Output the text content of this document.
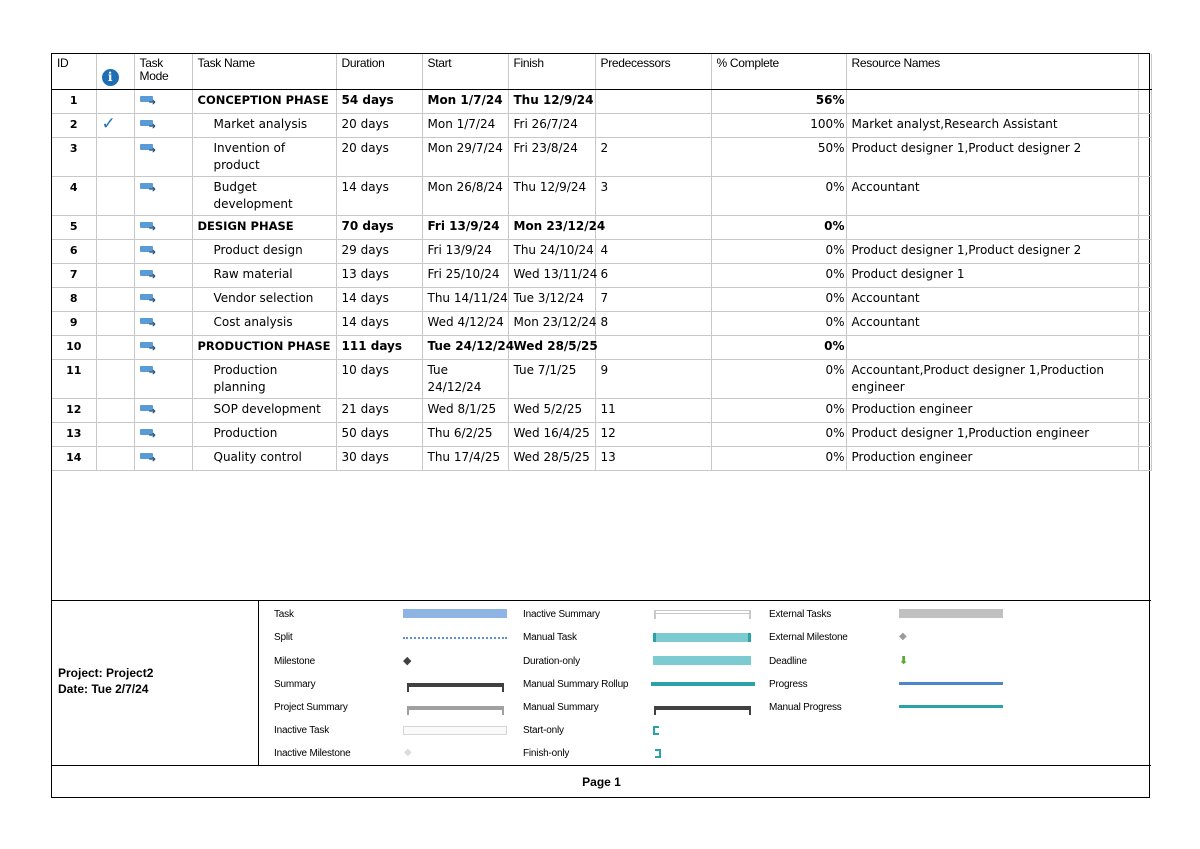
ID	i	Task Mode	Task Name	Duration	Start	Finish	Predecessors	% Complete	Resource Names	
1		➜	CONCEPTION PHASE	54 days	Mon 1/7/24	Thu 12/9/24		56%		
2	✓	➜	Market analysis	20 days	Mon 1/7/24	Fri 26/7/24		100%	Market analyst,Research Assistant	
3		➜	Invention of product	20 days	Mon 29/7/24	Fri 23/8/24	2	50%	Product designer 1,Product designer 2	
4		➜	Budget development	14 days	Mon 26/8/24	Thu 12/9/24	3	0%	Accountant	
5		➜	DESIGN PHASE	70 days	Fri 13/9/24	Mon 23/12/24		0%		
6		➜	Product design	29 days	Fri 13/9/24	Thu 24/10/24	4	0%	Product designer 1,Product designer 2	
7		➜	Raw material	13 days	Fri 25/10/24	Wed 13/11/24	6	0%	Product designer 1	
8		➜	Vendor selection	14 days	Thu 14/11/24	Tue 3/12/24	7	0%	Accountant	
9		➜	Cost analysis	14 days	Wed 4/12/24	Mon 23/12/24	8	0%	Accountant	
10		➜	PRODUCTION PHASE	111 days	Tue 24/12/24	Wed 28/5/25		0%		
11		➜	Production planning	10 days	Tue 24/12/24	Tue 7/1/25	9	0%	Accountant,Product designer 1,Production engineer	
12		➜	SOP development	21 days	Wed 8/1/25	Wed 5/2/25	11	0%	Production engineer	
13		➜	Production	50 days	Thu 6/2/25	Wed 16/4/25	12	0%	Product designer 1,Production engineer	
14		➜	Quality control	30 days	Thu 17/4/25	Wed 28/5/25	13	0%	Production engineer	
Project: Project2
Date: Tue 2/7/24
Task
Split
Milestone
Summary
Project Summary
Inactive Task
Inactive Milestone
◆
◆
Inactive Summary
Manual Task
Duration-only
Manual Summary Rollup
Manual Summary
Start-only
Finish-only
External Tasks
External Milestone
Deadline
Progress
Manual Progress
◆
⬇
Page 1
